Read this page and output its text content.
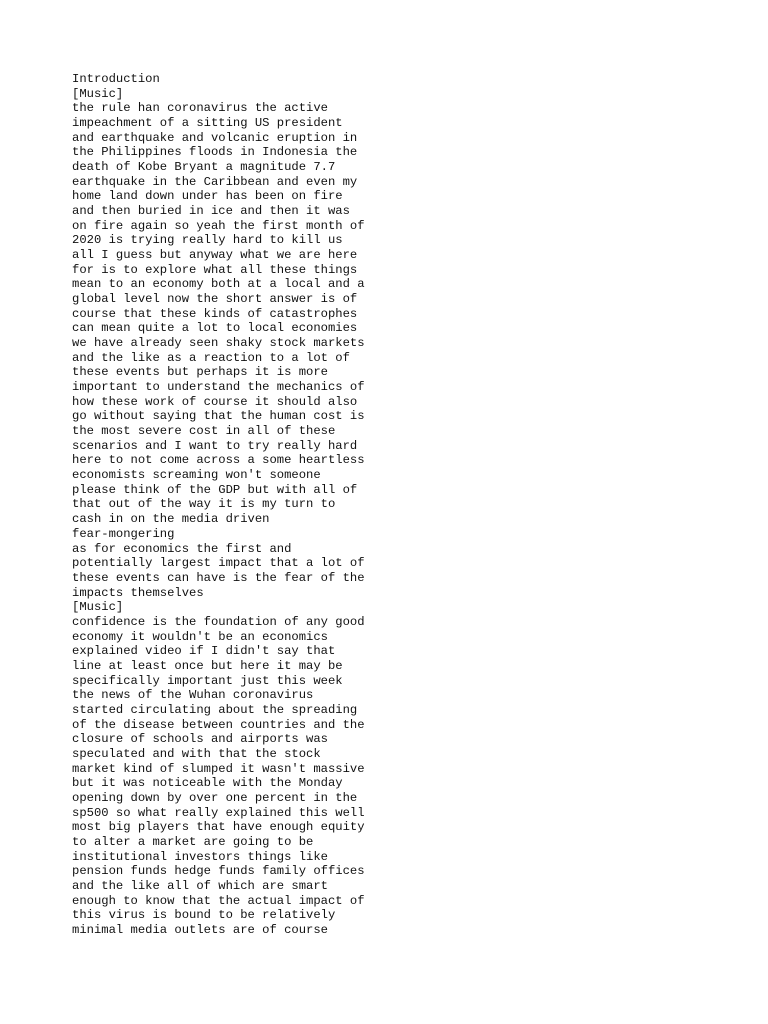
Introduction
[Music]
the rule han coronavirus the active
impeachment of a sitting US president
and earthquake and volcanic eruption in
the Philippines floods in Indonesia the
death of Kobe Bryant a magnitude 7.7
earthquake in the Caribbean and even my
home land down under has been on fire
and then buried in ice and then it was
on fire again so yeah the first month of
2020 is trying really hard to kill us
all I guess but anyway what we are here
for is to explore what all these things
mean to an economy both at a local and a
global level now the short answer is of
course that these kinds of catastrophes
can mean quite a lot to local economies
we have already seen shaky stock markets
and the like as a reaction to a lot of
these events but perhaps it is more
important to understand the mechanics of
how these work of course it should also
go without saying that the human cost is
the most severe cost in all of these
scenarios and I want to try really hard
here to not come across a some heartless
economists screaming won't someone
please think of the GDP but with all of
that out of the way it is my turn to
cash in on the media driven
fear-mongering
as for economics the first and
potentially largest impact that a lot of
these events can have is the fear of the
impacts themselves
[Music]
confidence is the foundation of any good
economy it wouldn't be an economics
explained video if I didn't say that
line at least once but here it may be
specifically important just this week
the news of the Wuhan coronavirus
started circulating about the spreading
of the disease between countries and the
closure of schools and airports was
speculated and with that the stock
market kind of slumped it wasn't massive
but it was noticeable with the Monday
opening down by over one percent in the
sp500 so what really explained this well
most big players that have enough equity
to alter a market are going to be
institutional investors things like
pension funds hedge funds family offices
and the like all of which are smart
enough to know that the actual impact of
this virus is bound to be relatively
minimal media outlets are of course
